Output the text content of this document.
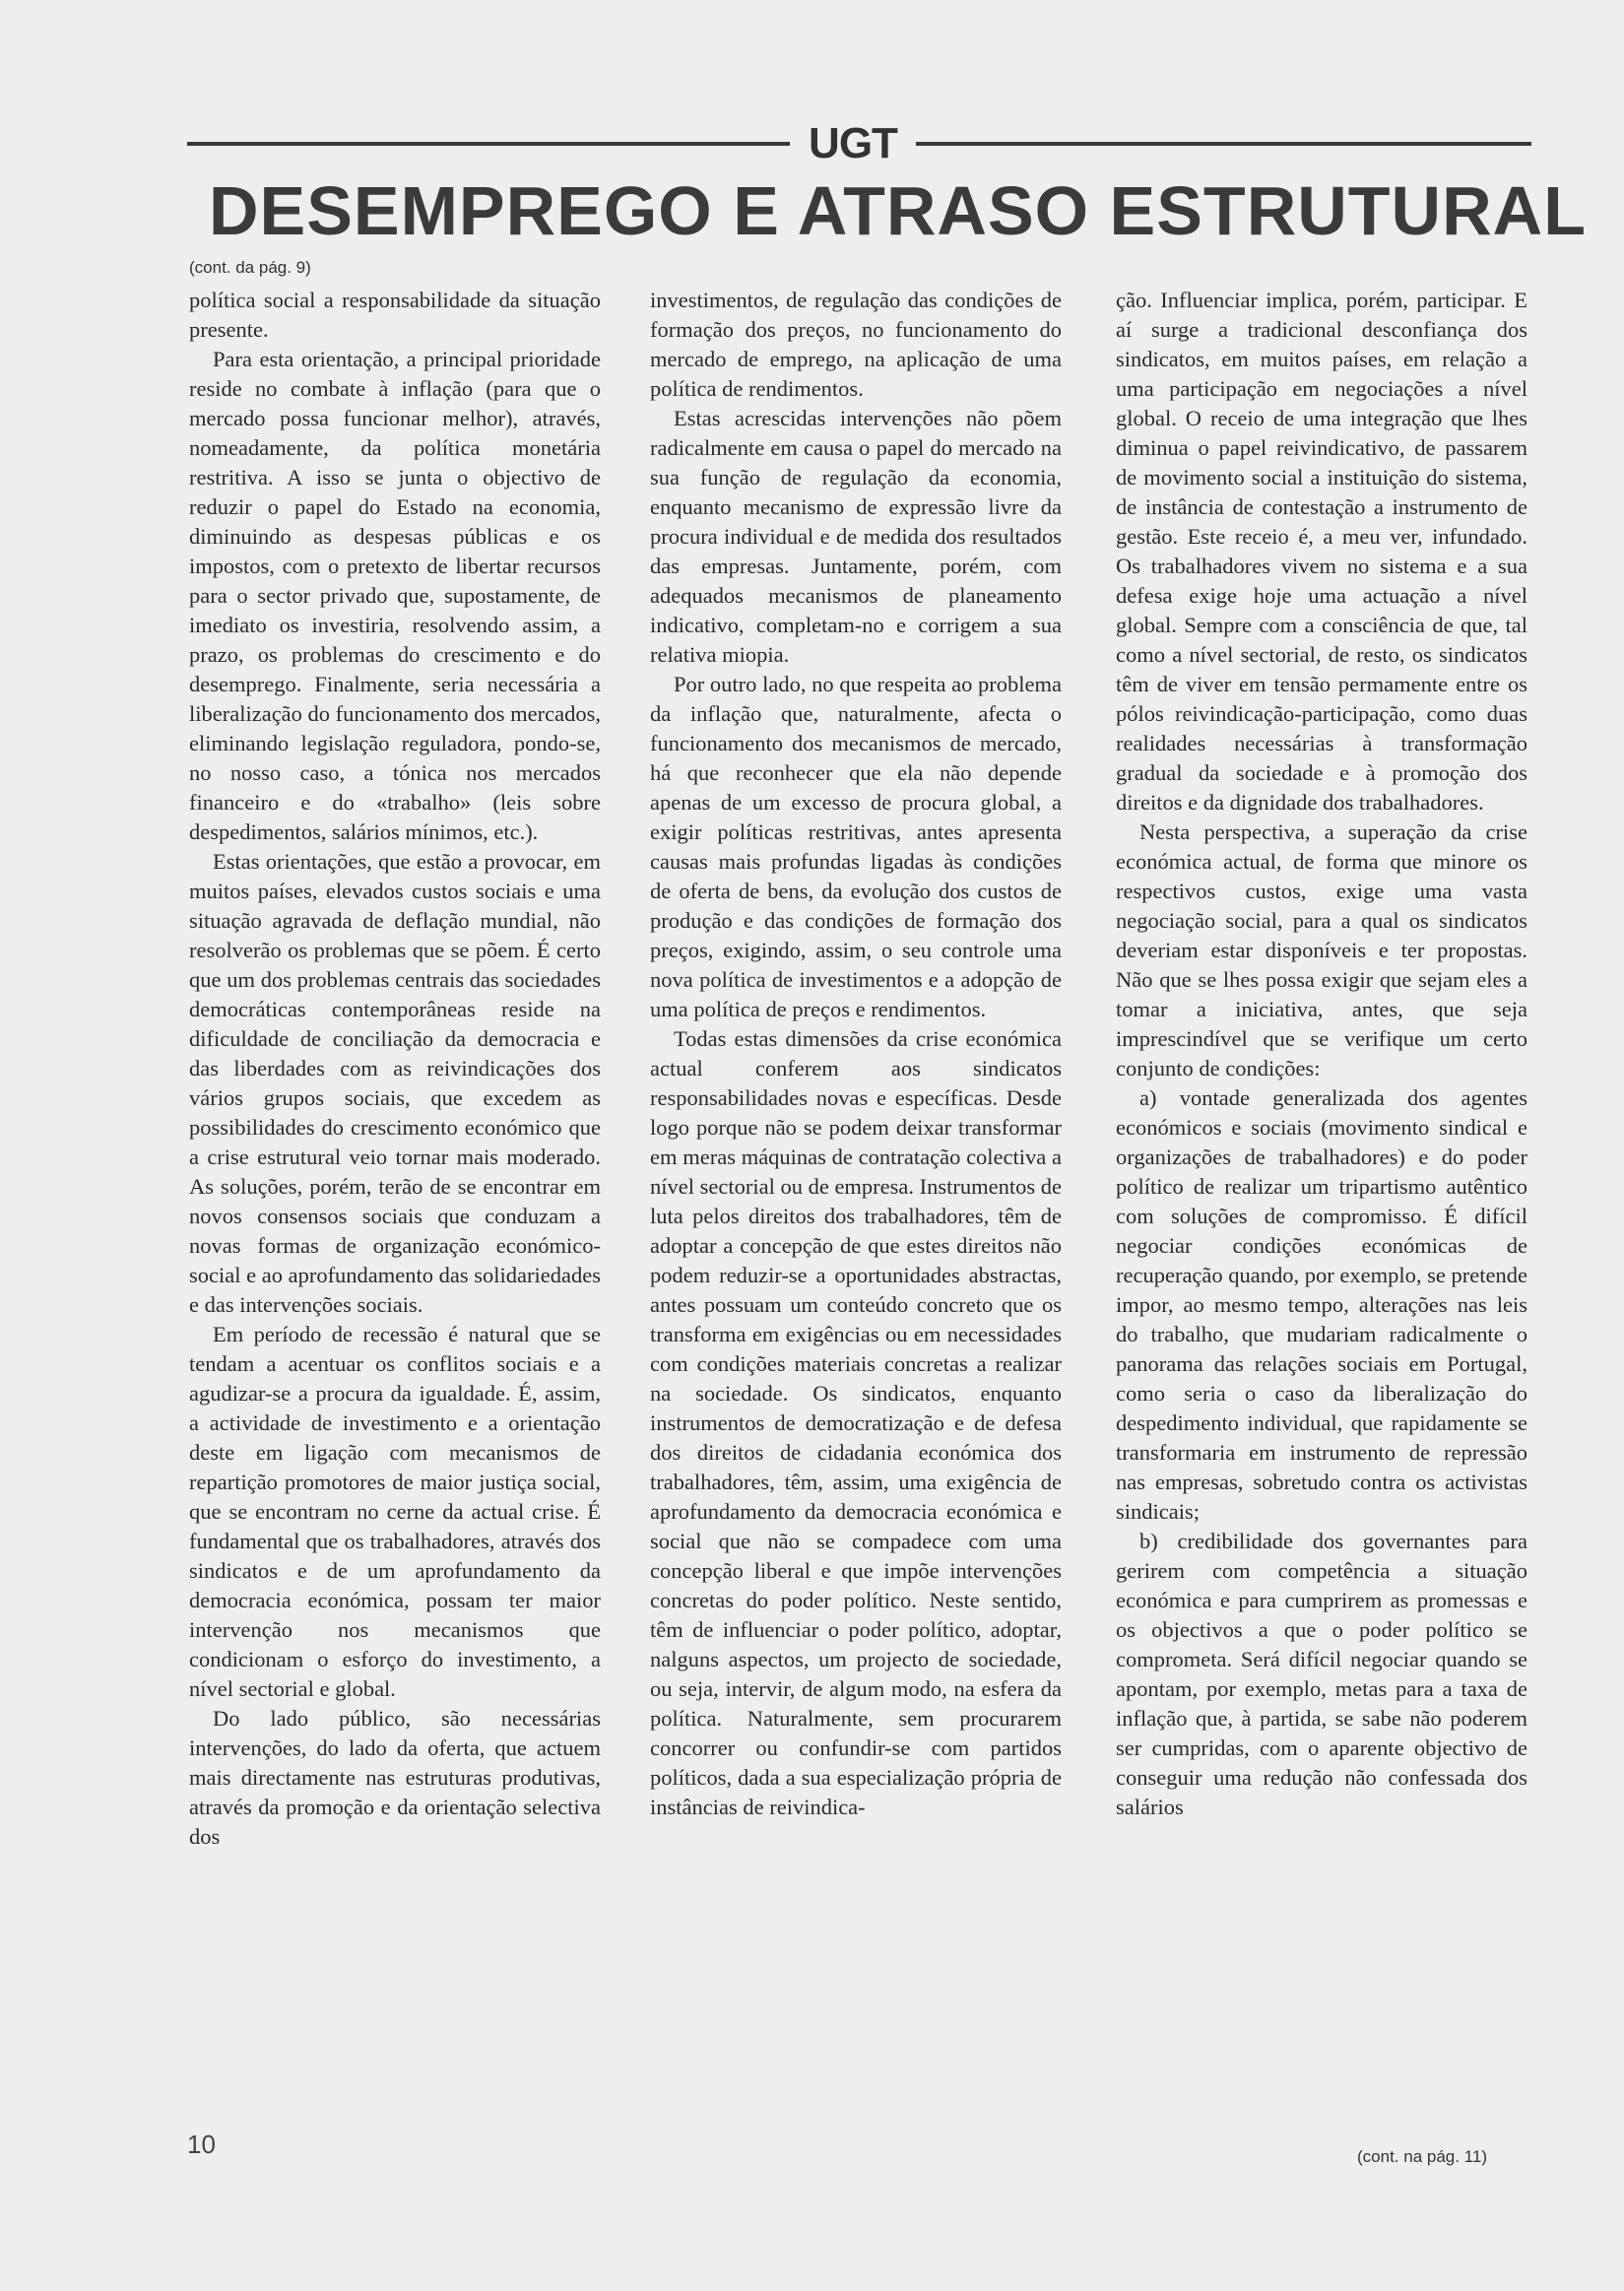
UGT
DESEMPREGO E ATRASO ESTRUTURAL
(cont. da pág. 9)

política social a responsabilidade da situação presente.

Para esta orientação, a principal prioridade reside no combate à inflação (para que o mercado possa funcionar melhor), através, nomeadamente, da política monetária restritiva. A isso se junta o objectivo de reduzir o papel do Estado na economia, diminuindo as despesas públicas e os impostos, com o pretexto de libertar recursos para o sector privado que, supostamente, de imediato os investiria, resolvendo assim, a prazo, os problemas do crescimento e do desemprego. Finalmente, seria necessária a liberalização do funcionamento dos mercados, eliminando legislação reguladora, pondo-se, no nosso caso, a tónica nos mercados financeiro e do «trabalho» (leis sobre despedimentos, salários mínimos, etc.).

Estas orientações, que estão a provocar, em muitos países, elevados custos sociais e uma situação agravada de deflação mundial, não resolverão os problemas que se põem. É certo que um dos problemas centrais das sociedades democráticas contemporâneas reside na dificuldade de conciliação da democracia e das liberdades com as reivindicações dos vários grupos sociais, que excedem as possibilidades do crescimento económico que a crise estrutural veio tornar mais moderado. As soluções, porém, terão de se encontrar em novos consensos sociais que conduzam a novas formas de organização económico-social e ao aprofundamento das solidariedades e das intervenções sociais.

Em período de recessão é natural que se tendam a acentuar os conflitos sociais e a agudizar-se a procura da igualdade. É, assim, a actividade de investimento e a orientação deste em ligação com mecanismos de repartição promotores de maior justiça social, que se encontram no cerne da actual crise. É fundamental que os trabalhadores, através dos sindicatos e de um aprofundamento da democracia económica, possam ter maior intervenção nos mecanismos que condicionam o esforço do investimento, a nível sectorial e global.

Do lado público, são necessárias intervenções, do lado da oferta, que actuem mais directamente nas estruturas produtivas, através da promoção e da orientação selectiva dos

investimentos, de regulação das condições de formação dos preços, no funcionamento do mercado de emprego, na aplicação de uma política de rendimentos.

Estas acrescidas intervenções não põem radicalmente em causa o papel do mercado na sua função de regulação da economia, enquanto mecanismo de expressão livre da procura individual e de medida dos resultados das empresas. Juntamente, porém, com adequados mecanismos de planeamento indicativo, completam-no e corrigem a sua relativa miopia.

Por outro lado, no que respeita ao problema da inflação que, naturalmente, afecta o funcionamento dos mecanismos de mercado, há que reconhecer que ela não depende apenas de um excesso de procura global, a exigir políticas restritivas, antes apresenta causas mais profundas ligadas às condições de oferta de bens, da evolução dos custos de produção e das condições de formação dos preços, exigindo, assim, o seu controle uma nova política de investimentos e a adopção de uma política de preços e rendimentos.

Todas estas dimensões da crise económica actual conferem aos sindicatos responsabilidades novas e específicas. Desde logo porque não se podem deixar transformar em meras máquinas de contratação colectiva a nível sectorial ou de empresa. Instrumentos de luta pelos direitos dos trabalhadores, têm de adoptar a concepção de que estes direitos não podem reduzir-se a oportunidades abstractas, antes possuam um conteúdo concreto que os transforma em exigências ou em necessidades com condições materiais concretas a realizar na sociedade. Os sindicatos, enquanto instrumentos de democratização e de defesa dos direitos de cidadania económica dos trabalhadores, têm, assim, uma exigência de aprofundamento da democracia económica e social que não se compadece com uma concepção liberal e que impõe intervenções concretas do poder político. Neste sentido, têm de influenciar o poder político, adoptar, nalguns aspectos, um projecto de sociedade, ou seja, intervir, de algum modo, na esfera da política. Naturalmente, sem procurarem concorrer ou confundir-se com partidos políticos, dada a sua especialização própria de instâncias de reivindica-

ção. Influenciar implica, porém, participar. E aí surge a tradicional desconfiança dos sindicatos, em muitos países, em relação a uma participação em negociações a nível global. O receio de uma integração que lhes diminua o papel reivindicativo, de passarem de movimento social a instituição do sistema, de instância de contestação a instrumento de gestão. Este receio é, a meu ver, infundado. Os trabalhadores vivem no sistema e a sua defesa exige hoje uma actuação a nível global. Sempre com a consciência de que, tal como a nível sectorial, de resto, os sindicatos têm de viver em tensão permamente entre os pólos reivindicação-participação, como duas realidades necessárias à transformação gradual da sociedade e à promoção dos direitos e da dignidade dos trabalhadores.

Nesta perspectiva, a superação da crise económica actual, de forma que minore os respectivos custos, exige uma vasta negociação social, para a qual os sindicatos deveriam estar disponíveis e ter propostas. Não que se lhes possa exigir que sejam eles a tomar a iniciativa, antes, que seja imprescindível que se verifique um certo conjunto de condições:

a) vontade generalizada dos agentes económicos e sociais (movimento sindical e organizações de trabalhadores) e do poder político de realizar um tripartismo autêntico com soluções de compromisso. É difícil negociar condições económicas de recuperação quando, por exemplo, se pretende impor, ao mesmo tempo, alterações nas leis do trabalho, que mudariam radicalmente o panorama das relações sociais em Portugal, como seria o caso da liberalização do despedimento individual, que rapidamente se transformaria em instrumento de repressão nas empresas, sobretudo contra os activistas sindicais;

b) credibilidade dos governantes para gerirem com competência a situação económica e para cumprirem as promessas e os objectivos a que o poder político se comprometa. Será difícil negociar quando se apontam, por exemplo, metas para a taxa de inflação que, à partida, se sabe não poderem ser cumpridas, com o aparente objectivo de conseguir uma redução não confessada dos salários

(cont. na pág. 11)
10
